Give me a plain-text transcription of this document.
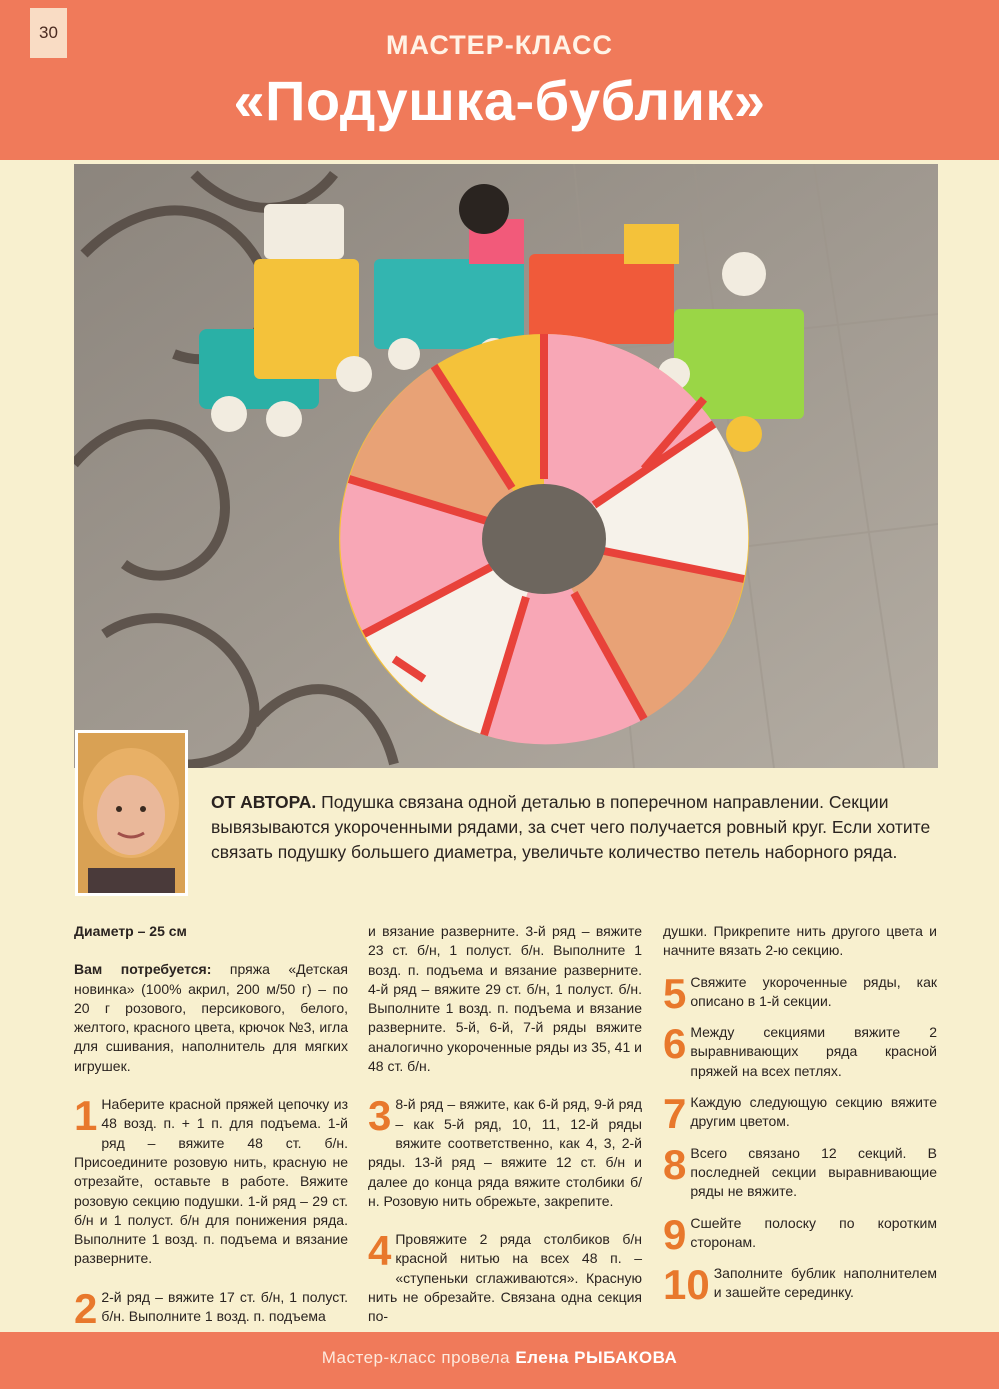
30	МАСТЕР-КЛАСС
«Подушка-бублик»
ОТ АВТОРА. Подушка связана одной деталью в поперечном направлении. Секции вывязываются укороченными рядами, за счет чего получается ровный круг. Если хотите связать подушку большего диаметра, увеличьте количество петель наборного ряда.

Диаметр – 25 см

Вам потребуется: пряжа «Детская новинка» (100% акрил, 200 м/50 г) – по 20 г розового, персикового, белого, желтого, красного цвета, крючок №3, игла для сшивания, наполнитель для мягких игрушек.

1 Наберите красной пряжей цепочку из 48 возд. п. + 1 п. для подъема. 1-й ряд – вяжите 48 ст. б/н. Присоедините розовую нить, красную не отрезайте, оставьте в работе. Вяжите розовую секцию подушки. 1-й ряд – 29 ст. б/н и 1 полуст. б/н для понижения ряда. Выполните 1 возд. п. подъема и вязание разверните.

2 2-й ряд – вяжите 17 ст. б/н, 1 полуст. б/н. Выполните 1 возд. п. подъема

и вязание разверните. 3-й ряд – вяжите 23 ст. б/н, 1 полуст. б/н. Выполните 1 возд. п. подъема и вязание разверните. 4-й ряд – вяжите 29 ст. б/н, 1 полуст. б/н. Выполните 1 возд. п. подъема и вязание разверните. 5-й, 6-й, 7-й ряды вяжите аналогично укороченные ряды из 35, 41 и 48 ст. б/н.

3 8-й ряд – вяжите, как 6-й ряд, 9-й ряд – как 5-й ряд, 10, 11, 12-й ряды вяжите соответственно, как 4, 3, 2-й ряды. 13-й ряд – вяжите 12 ст. б/н и далее до конца ряда вяжите столбики б/н. Розовую нить обрежьте, закрепите.

4 Провяжите 2 ряда столбиков б/н красной нитью на всех 48 п. – «ступеньки сглаживаются». Красную нить не обрезайте. Связана одна секция по-

душки. Прикрепите нить другого цвета и начните вязать 2-ю секцию.

5 Свяжите укороченные ряды, как описано в 1-й секции.

6 Между секциями вяжите 2 выравнивающих ряда красной пряжей на всех петлях.

7 Каждую следующую секцию вяжите другим цветом.

8 Всего связано 12 секций. В последней секции выравнивающие ряды не вяжите.

9 Сшейте полоску по коротким сторонам.

10 Заполните бублик наполнителем и зашейте серединку.

Мастер-класс провела Елена РЫБАКОВА
